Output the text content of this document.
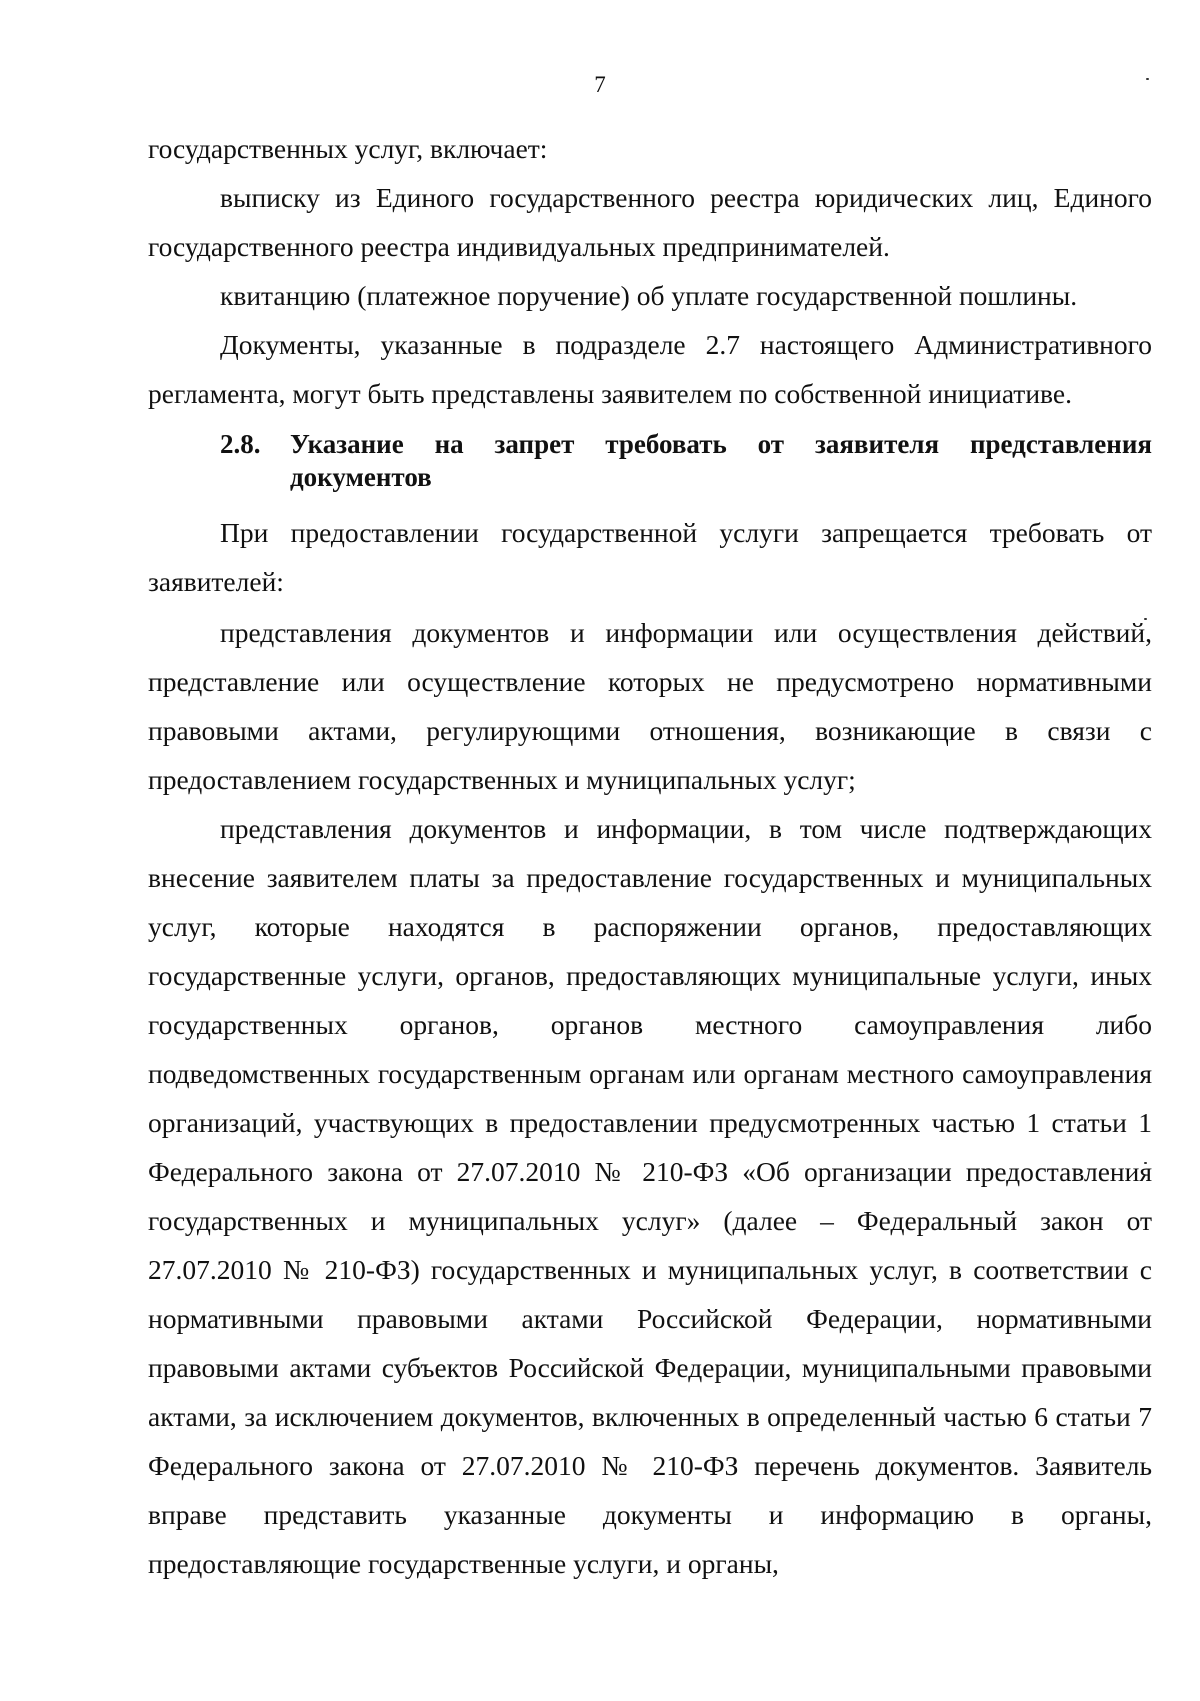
7

государственных услуг, включает:

выписку из Единого государственного реестра юридических лиц, Единого государственного реестра индивидуальных предпринимателей.

квитанцию (платежное поручение) об уплате государственной пошлины.

Документы, указанные в подразделе 2.7 настоящего Административного регламента, могут быть представлены заявителем по собственной инициативе.

2.8.	Указание на запрет требовать от заявителя представления документов

При предоставлении государственной услуги запрещается требовать от заявителей:

представления документов и информации или осуществления действий, представление или осуществление которых не предусмотрено нормативными правовыми актами, регулирующими отношения, возникающие в связи с предоставлением государственных и муниципальных услуг;

представления документов и информации, в том числе подтверждающих внесение заявителем платы за предоставление государственных и муниципальных услуг, которые находятся в распоряжении органов, предоставляющих государственные услуги, органов, предоставляющих муниципальные услуги, иных государственных органов, органов местного самоуправления либо подведомственных государственным органам или органам местного самоуправления организаций, участвующих в предоставлении предусмотренных частью 1 статьи 1 Федерального закона от 27.07.2010 № 210-ФЗ «Об организации предоставления государственных и муниципальных услуг» (далее – Федеральный закон от 27.07.2010 № 210-ФЗ) государственных и муниципальных услуг, в соответствии с нормативными правовыми актами Российской Федерации, нормативными правовыми актами субъектов Российской Федерации, муниципальными правовыми актами, за исключением документов, включенных в определенный частью 6 статьи 7 Федерального закона от 27.07.2010 № 210-ФЗ перечень документов. Заявитель вправе представить указанные документы и информацию в органы, предоставляющие государственные услуги, и органы,
